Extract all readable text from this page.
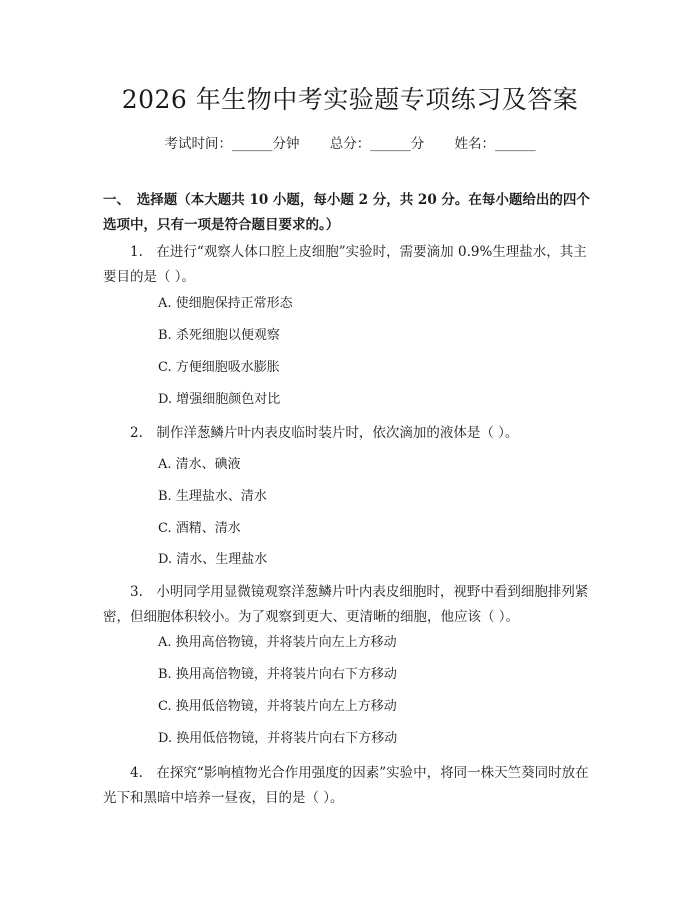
2026 年生物中考实验题专项练习及答案
考试时间：______分钟 总分：______分 姓名：______
一、　选择题（本大题共 10 小题，每小题 2 分，共 20 分。在每小题给出的四个选项中，只有一项是符合题目要求的。）
1.　在进行“观察人体口腔上皮细胞”实验时，需要滴加 0.9%生理盐水，其主要目的是（ ）。
A. 使细胞保持正常形态
B. 杀死细胞以便观察
C. 方便细胞吸水膨胀
D. 增强细胞颜色对比
2.　制作洋葱鳞片叶内表皮临时装片时，依次滴加的液体是（ ）。
A. 清水、碘液
B. 生理盐水、清水
C. 酒精、清水
D. 清水、生理盐水
3.　小明同学用显微镜观察洋葱鳞片叶内表皮细胞时，视野中看到细胞排列紧密，但细胞体积较小。为了观察到更大、更清晰的细胞，他应该（ ）。
A. 换用高倍物镜，并将装片向左上方移动
B. 换用高倍物镜，并将装片向右下方移动
C. 换用低倍物镜，并将装片向左上方移动
D. 换用低倍物镜，并将装片向右下方移动
4.　在探究“影响植物光合作用强度的因素”实验中，将同一株天竺葵同时放在光下和黑暗中培养一昼夜，目的是（ ）。
